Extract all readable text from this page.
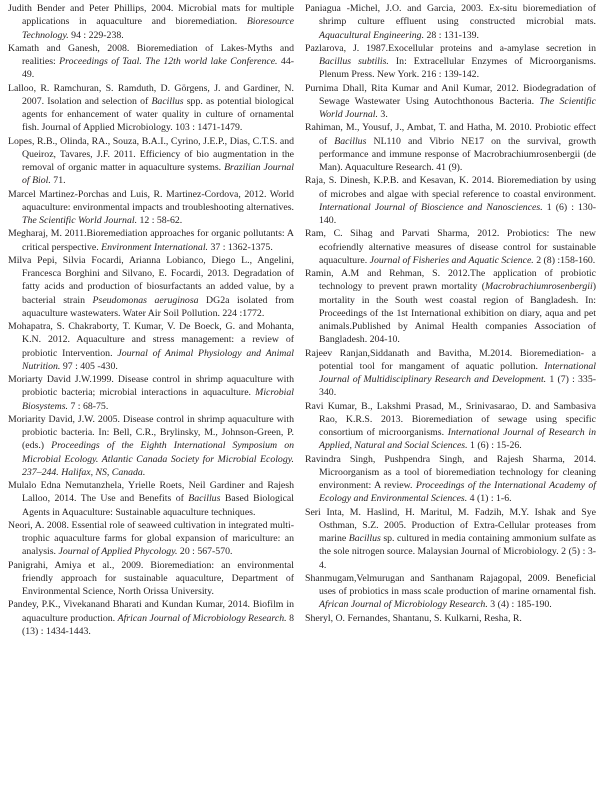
Judith Bender and Peter Phillips, 2004. Microbial mats for multiple applications in aquaculture and bioremediation. Bioresource Technology. 94 : 229-238.

Kamath and Ganesh, 2008. Bioremediation of Lakes-Myths and realities: Proceedings of Taal. The 12th world lake Conference. 44-49.

Lalloo, R. Ramchuran, S. Ramduth, D. Görgens, J. and Gardiner, N. 2007. Isolation and selection of Bacillus spp. as potential biological agents for enhancement of water quality in culture of ornamental fish. Journal of Applied Microbiology. 103 : 1471-1479.

Lopes, R.B., Olinda, RA., Souza, B.A.I., Cyrino, J.E.P., Dias, C.T.S. and Queiroz, Tavares, J.F. 2011. Efficiency of bio augmentation in the removal of organic matter in aquaculture systems. Brazilian Journal of Biol. 71.

Marcel Martinez-Porchas and Luis, R. Martinez-Cordova, 2012. World aquaculture: environmental impacts and troubleshooting alternatives. The Scientific World Journal. 12 : 58-62.

Megharaj, M. 2011.Bioremediation approaches for organic pollutants: A critical perspective. Environment International. 37 : 1362-1375.

Milva Pepi, Silvia Focardi, Arianna Lobianco, Diego L., Angelini, Francesca Borghini and Silvano, E. Focardi, 2013. Degradation of fatty acids and production of biosurfactants an added value, by a bacterial strain Pseudomonas aeruginosa DG2a isolated from aquaculture wastewaters. Water Air Soil Pollution. 224 :1772.

Mohapatra, S. Chakraborty, T. Kumar, V. De Boeck, G. and Mohanta, K.N. 2012. Aquaculture and stress management: a review of probiotic Intervention. Journal of Animal Physiology and Animal Nutrition. 97 : 405 -430.

Moriarty David J.W.1999. Disease control in shrimp aquaculture with probiotic bacteria; microbial interactions in aquaculture. Microbial Biosystems. 7 : 68-75.

Moriarity David, J.W. 2005. Disease control in shrimp aquaculture with probiotic bacteria. In: Bell, C.R., Brylinsky, M., Johnson-Green, P. (eds.) Proceedings of the Eighth International Symposium on Microbial Ecology. Atlantic Canada Society for Microbial Ecology. 237–244. Halifax, NS, Canada.

Mulalo Edna Nemutanzhela, Yrielle Roets, Neil Gardiner and Rajesh Lalloo, 2014. The Use and Benefits of Bacillus Based Biological Agents in Aquaculture: Sustainable aquaculture techniques.

Neori, A. 2008. Essential role of seaweed cultivation in integrated multi-trophic aquaculture farms for global expansion of mariculture: an analysis. Journal of Applied Phycology. 20 : 567-570.

Panigrahi, Amiya et al., 2009. Bioremediation: an environmental friendly approach for sustainable aquaculture, Department of Environmental Science, North Orissa University.

Pandey, P.K., Vivekanand Bharati and Kundan Kumar, 2014. Biofilm in aquaculture production. African Journal of Microbiology Research. 8 (13) : 1434-1443.

Paniagua -Michel, J.O. and Garcia, 2003. Ex-situ bioremediation of shrimp culture effluent using constructed microbial mats. Aquacultural Engineering. 28 : 131-139.

Pazlarova, J. 1987.Exocellular proteins and a-amylase secretion in Bacillus subtilis. In: Extracellular Enzymes of Microorganisms. Plenum Press. New York. 216 : 139-142.

Purnima Dhall, Rita Kumar and Anil Kumar, 2012. Biodegradation of Sewage Wastewater Using Autochthonous Bacteria. The Scientific World Journal. 3.

Rahiman, M., Yousuf, J., Ambat, T. and Hatha, M. 2010. Probiotic effect of Bacillus NL110 and Vibrio NE17 on the survival, growth performance and immune response of Macrobrachiumrosenbergii (de Man). Aquaculture Research. 41 (9).

Raja, S. Dinesh, K.P.B. and Kesavan, K. 2014. Bioremediation by using of microbes and algae with special reference to coastal environment. International Journal of Bioscience and Nanosciences. 1 (6) : 130-140.

Ram, C. Sihag and Parvati Sharma, 2012. Probiotics: The new ecofriendly alternative measures of disease control for sustainable aquaculture. Journal of Fisheries and Aquatic Science. 2 (8) :158-160.

Ramin, A.M and Rehman, S. 2012.The application of probiotic technology to prevent prawn mortality (Macrobrachiumrosenbergii) mortality in the South west coastal region of Bangladesh. In: Proceedings of the 1st International exhibition on diary, aqua and pet animals.Published by Animal Health companies Association of Bangladesh. 204-10.

Rajeev Ranjan,Siddanath and Bavitha, M.2014. Bioremediation- a potential tool for mangament of aquatic pollution. International Journal of Multidisciplinary Research and Development. 1 (7) : 335-340.

Ravi Kumar, B., Lakshmi Prasad, M., Srinivasarao, D. and Sambasiva Rao, K.R.S. 2013. Bioremediation of sewage using specific consortium of microorganisms. International Journal of Research in Applied, Natural and Social Sciences. 1 (6) : 15-26.

Ravindra Singh, Pushpendra Singh, and Rajesh Sharma, 2014. Microorganism as a tool of bioremediation technology for cleaning environment: A review. Proceedings of the International Academy of Ecology and Environmental Sciences. 4 (1) : 1-6.

Seri Inta, M. Haslind, H. Maritul, M. Fadzih, M.Y. Ishak and Sye Osthman, S.Z. 2005. Production of Extra-Cellular proteases from marine Bacillus sp. cultured in media containing ammonium sulfate as the sole nitrogen source. Malaysian Journal of Microbiology. 2 (5) : 3-4.

Shanmugam,Velmurugan and Santhanam Rajagopal, 2009. Beneficial uses of probiotics in mass scale production of marine ornamental fish. African Journal of Microbiology Research. 3 (4) : 185-190.

Sheryl, O. Fernandes, Shantanu, S. Kulkarni, Resha, R.
